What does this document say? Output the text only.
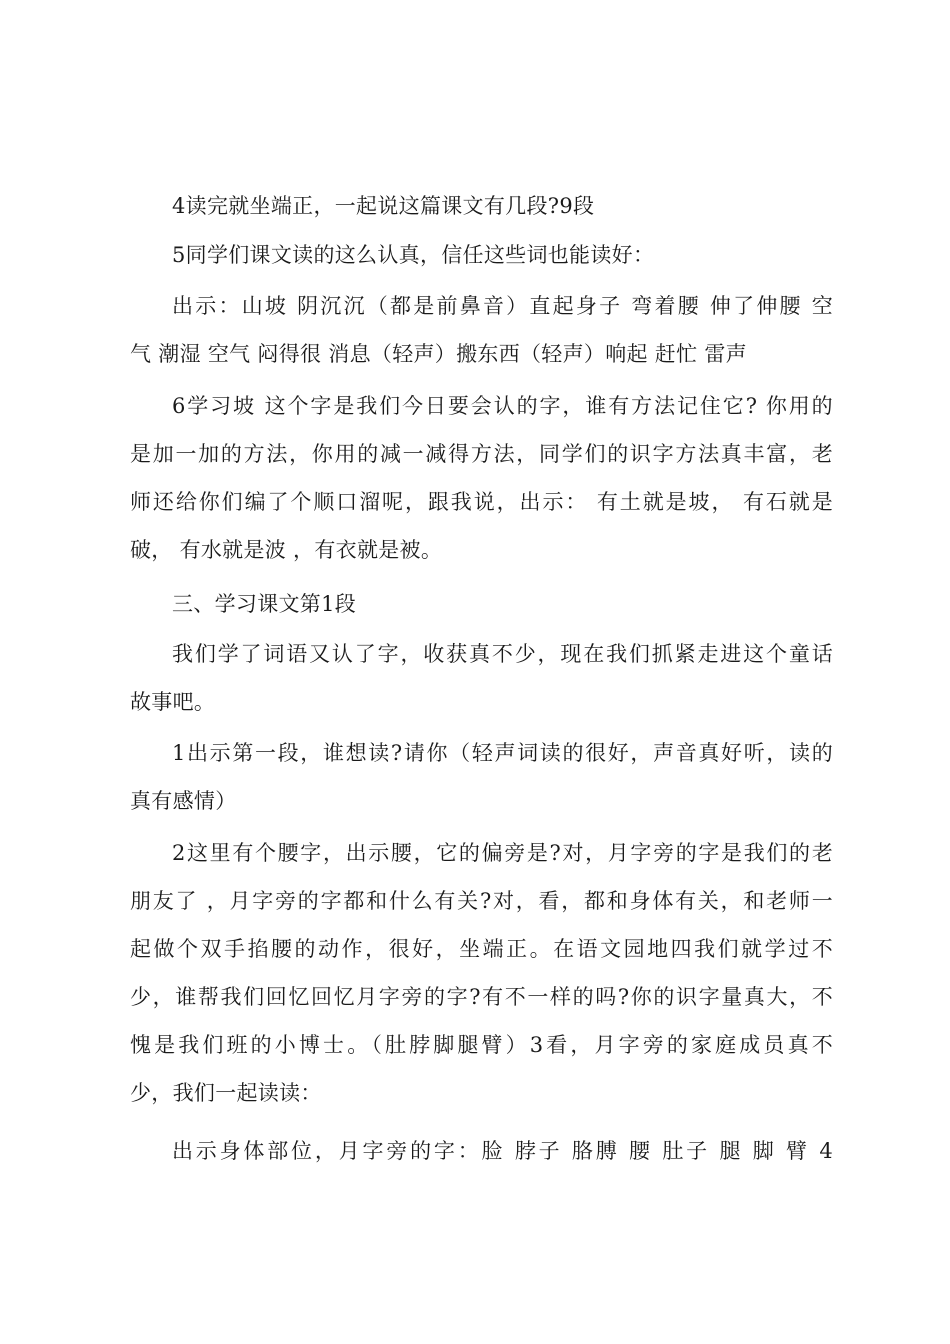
4读完就坐端正，一起说这篇课文有几段?9段
5同学们课文读的这么认真，信任这些词也能读好：
出示：山坡 阴沉沉（都是前鼻音）直起身子 弯着腰 伸了伸腰 空
气 潮湿 空气 闷得很 消息（轻声）搬东西（轻声）响起 赶忙 雷声
6学习坡 这个字是我们今日要会认的字，谁有方法记住它? 你用的
是加一加的方法，你用的减一减得方法，同学们的识字方法真丰富，老
师还给你们编了个顺口溜呢，跟我说，出示： 有土就是坡， 有石就是
破， 有水就是波 ，有衣就是被。
三、学习课文第1段
我们学了词语又认了字，收获真不少，现在我们抓紧走进这个童话
故事吧。
1出示第一段，谁想读?请你（轻声词读的很好，声音真好听，读的
真有感情）
2这里有个腰字，出示腰，它的偏旁是?对，月字旁的字是我们的老
朋友了 ，月字旁的字都和什么有关?对，看，都和身体有关，和老师一
起做个双手掐腰的动作，很好，坐端正。在语文园地四我们就学过不
少，谁帮我们回忆回忆月字旁的字?有不一样的吗?你的识字量真大，不
愧是我们班的小博士。（肚脖脚腿臂）3看，月字旁的家庭成员真不
少，我们一起读读：
出示身体部位，月字旁的字：脸 脖子 胳膊 腰 肚子 腿 脚 臂 4
